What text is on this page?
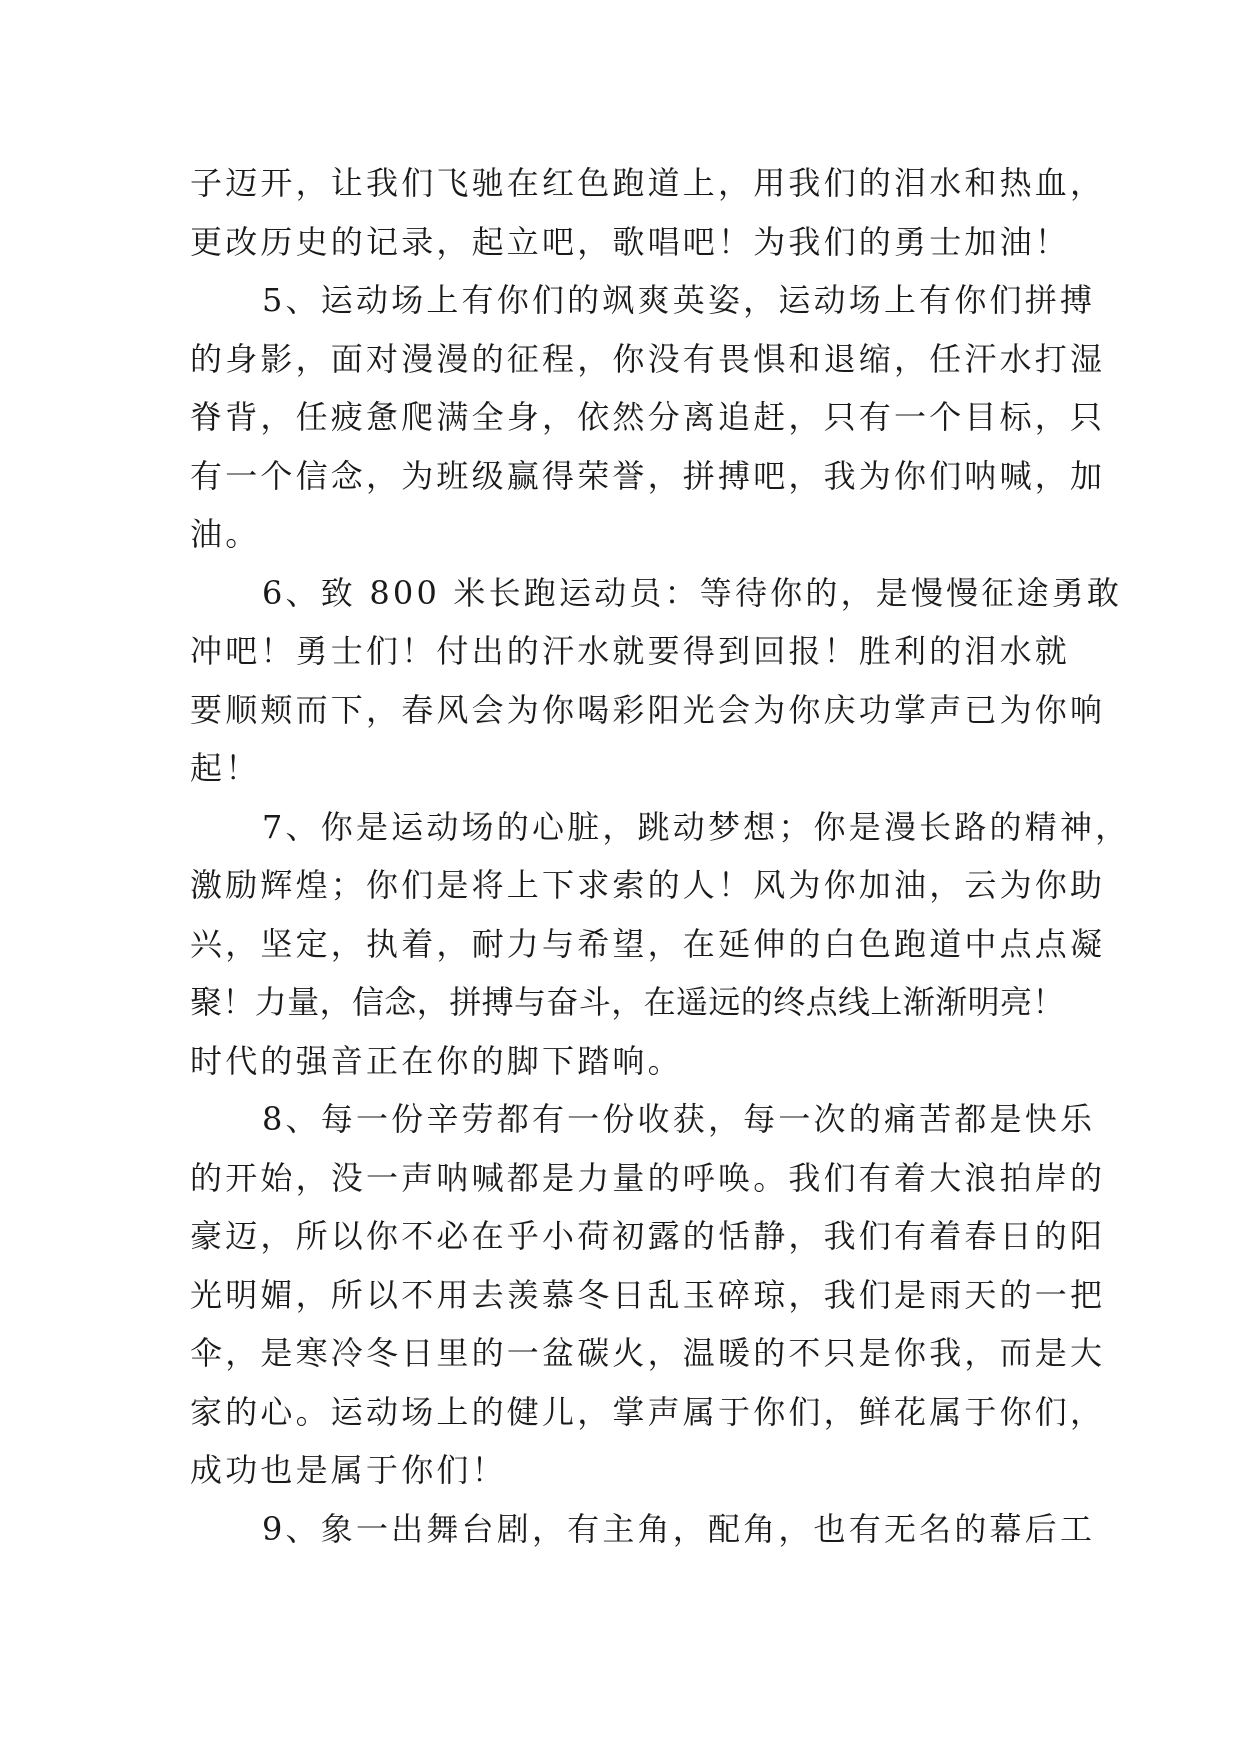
子迈开，让我们飞驰在红色跑道上，用我们的泪水和热血，
更改历史的记录，起立吧，歌唱吧！为我们的勇士加油！

5、运动场上有你们的飒爽英姿，运动场上有你们拼搏
的身影，面对漫漫的征程，你没有畏惧和退缩，任汗水打湿
脊背，任疲惫爬满全身，依然分离追赶，只有一个目标，只
有一个信念，为班级赢得荣誉，拼搏吧，我为你们呐喊，加
油。

6、致 800 米长跑运动员：等待你的，是慢慢征途勇敢
冲吧！勇士们！付出的汗水就要得到回报！胜利的泪水就
要顺颊而下，春风会为你喝彩阳光会为你庆功掌声已为你响
起！

7、你是运动场的心脏，跳动梦想；你是漫长路的精神，
激励辉煌；你们是将上下求索的人！风为你加油，云为你助
兴，坚定，执着，耐力与希望，在延伸的白色跑道中点点凝
聚！力量，信念，拼搏与奋斗，在遥远的终点线上渐渐明亮！
时代的强音正在你的脚下踏响。

8、每一份辛劳都有一份收获，每一次的痛苦都是快乐
的开始，没一声呐喊都是力量的呼唤。我们有着大浪拍岸的
豪迈，所以你不必在乎小荷初露的恬静，我们有着春日的阳
光明媚，所以不用去羡慕冬日乱玉碎琼，我们是雨天的一把
伞，是寒冷冬日里的一盆碳火，温暖的不只是你我，而是大
家的心。运动场上的健儿，掌声属于你们，鲜花属于你们，
成功也是属于你们！

9、象一出舞台剧，有主角，配角，也有无名的幕后工
